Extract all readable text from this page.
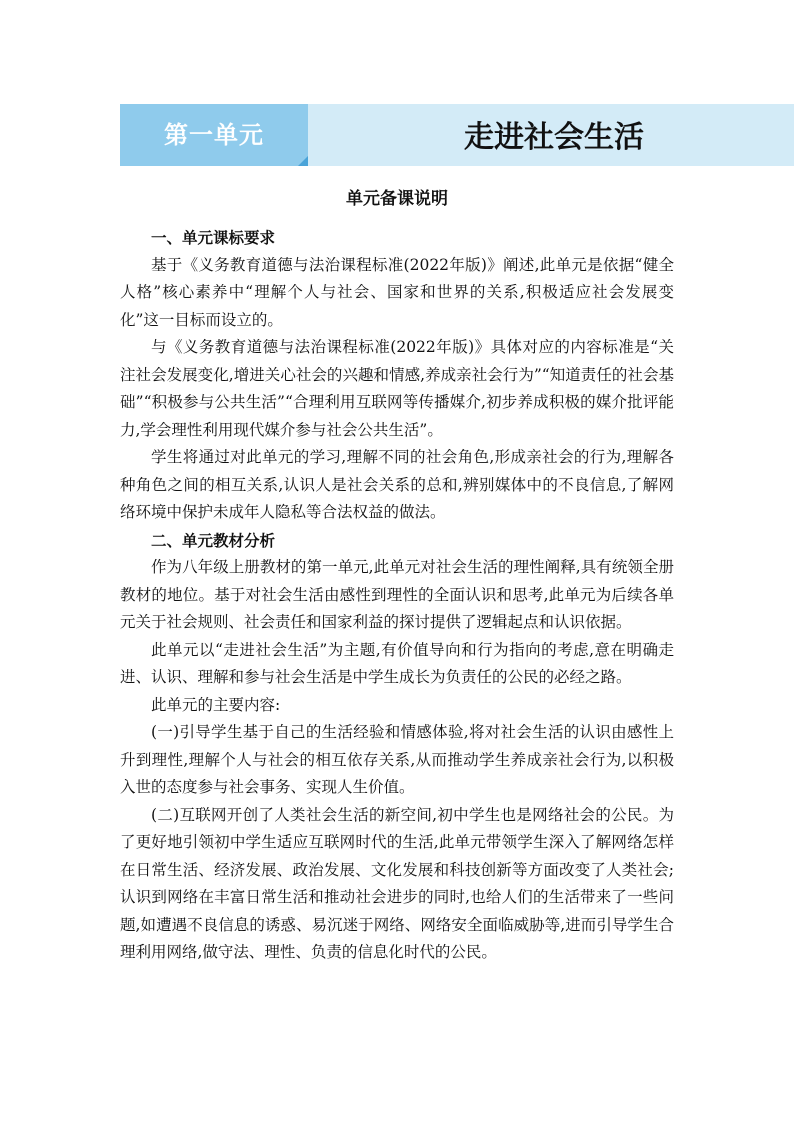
第一单元	走进社会生活
单元备课说明

一、单元课标要求

基于《义务教育道德与法治课程标准(2022年版)》阐述,此单元是依据“健全人格”核心素养中“理解个人与社会、国家和世界的关系,积极适应社会发展变化”这一目标而设立的。

与《义务教育道德与法治课程标准(2022年版)》具体对应的内容标准是“关注社会发展变化,增进关心社会的兴趣和情感,养成亲社会行为”“知道责任的社会基础”“积极参与公共生活”“合理利用互联网等传播媒介,初步养成积极的媒介批评能力,学会理性利用现代媒介参与社会公共生活”。

学生将通过对此单元的学习,理解不同的社会角色,形成亲社会的行为,理解各种角色之间的相互关系,认识人是社会关系的总和,辨别媒体中的不良信息,了解网络环境中保护未成年人隐私等合法权益的做法。

二、单元教材分析

作为八年级上册教材的第一单元,此单元对社会生活的理性阐释,具有统领全册教材的地位。基于对社会生活由感性到理性的全面认识和思考,此单元为后续各单元关于社会规则、社会责任和国家利益的探讨提供了逻辑起点和认识依据。

此单元以“走进社会生活”为主题,有价值导向和行为指向的考虑,意在明确走进、认识、理解和参与社会生活是中学生成长为负责任的公民的必经之路。

此单元的主要内容:

(一)引导学生基于自己的生活经验和情感体验,将对社会生活的认识由感性上升到理性,理解个人与社会的相互依存关系,从而推动学生养成亲社会行为,以积极入世的态度参与社会事务、实现人生价值。

(二)互联网开创了人类社会生活的新空间,初中学生也是网络社会的公民。为了更好地引领初中学生适应互联网时代的生活,此单元带领学生深入了解网络怎样在日常生活、经济发展、政治发展、文化发展和科技创新等方面改变了人类社会;认识到网络在丰富日常生活和推动社会进步的同时,也给人们的生活带来了一些问题,如遭遇不良信息的诱惑、易沉迷于网络、网络安全面临威胁等,进而引导学生合理利用网络,做守法、理性、负责的信息化时代的公民。
